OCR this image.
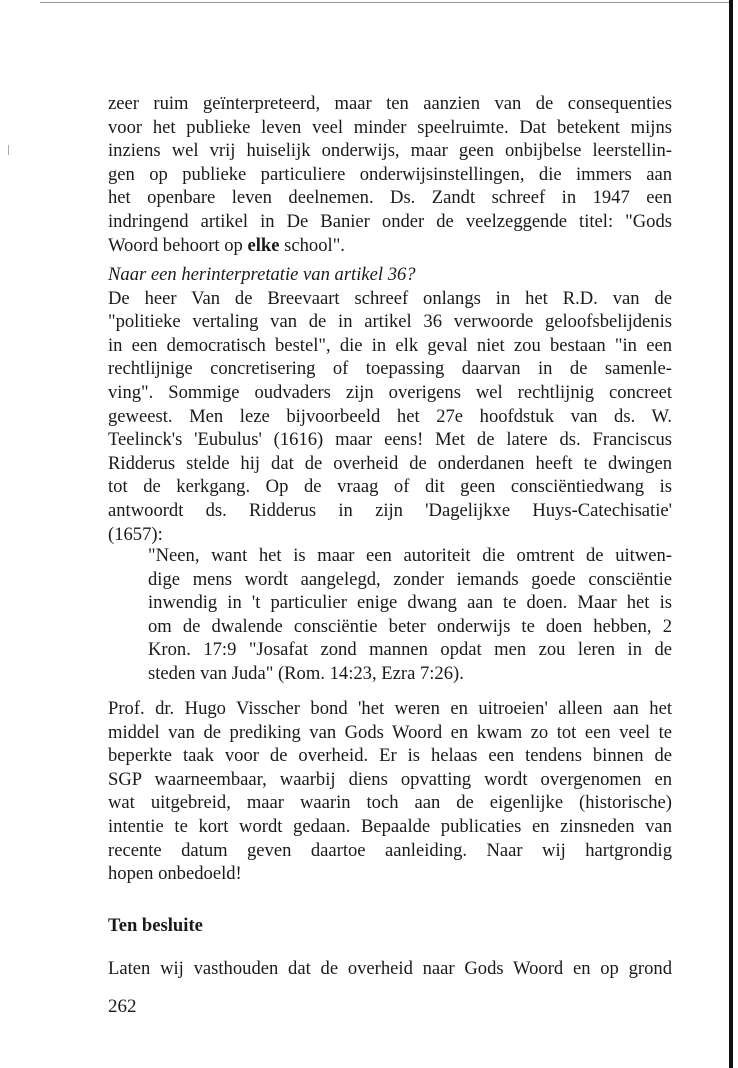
zeer ruim geïnterpreteerd, maar ten aanzien van de consequenties
voor het publieke leven veel minder speelruimte. Dat betekent mijns
inziens wel vrij huiselijk onderwijs, maar geen onbijbelse leerstellin-
gen op publieke particuliere onderwijsinstellingen, die immers aan
het openbare leven deelnemen. Ds. Zandt schreef in 1947 een
indringend artikel in De Banier onder de veelzeggende titel: "Gods
Woord behoort op elke school".
Naar een herinterpretatie van artikel 36?
De heer Van de Breevaart schreef onlangs in het R.D. van de
"politieke vertaling van de in artikel 36 verwoorde geloofsbelijdenis
in een democratisch bestel", die in elk geval niet zou bestaan "in een
rechtlijnige concretisering of toepassing daarvan in de samenle-
ving". Sommige oudvaders zijn overigens wel rechtlijnig concreet
geweest. Men leze bijvoorbeeld het 27e hoofdstuk van ds. W.
Teelinck's 'Eubulus' (1616) maar eens! Met de latere ds. Franciscus
Ridderus stelde hij dat de overheid de onderdanen heeft te dwingen
tot de kerkgang. Op de vraag of dit geen consciëntiedwang is
antwoordt ds. Ridderus in zijn 'Dagelijkxe Huys-Catechisatie'
(1657):
"Neen, want het is maar een autoriteit die omtrent de uitwen-
dige mens wordt aangelegd, zonder iemands goede consciëntie
inwendig in 't particulier enige dwang aan te doen. Maar het is
om de dwalende consciëntie beter onderwijs te doen hebben, 2
Kron. 17:9 "Josafat zond mannen opdat men zou leren in de
steden van Juda" (Rom. 14:23, Ezra 7:26).
Prof. dr. Hugo Visscher bond 'het weren en uitroeien' alleen aan het
middel van de prediking van Gods Woord en kwam zo tot een veel te
beperkte taak voor de overheid. Er is helaas een tendens binnen de
SGP waarneembaar, waarbij diens opvatting wordt overgenomen en
wat uitgebreid, maar waarin toch aan de eigenlijke (historische)
intentie te kort wordt gedaan. Bepaalde publicaties en zinsneden van
recente datum geven daartoe aanleiding. Naar wij hartgrondig
hopen onbedoeld!
Ten besluite
Laten wij vasthouden dat de overheid naar Gods Woord en op grond
262
